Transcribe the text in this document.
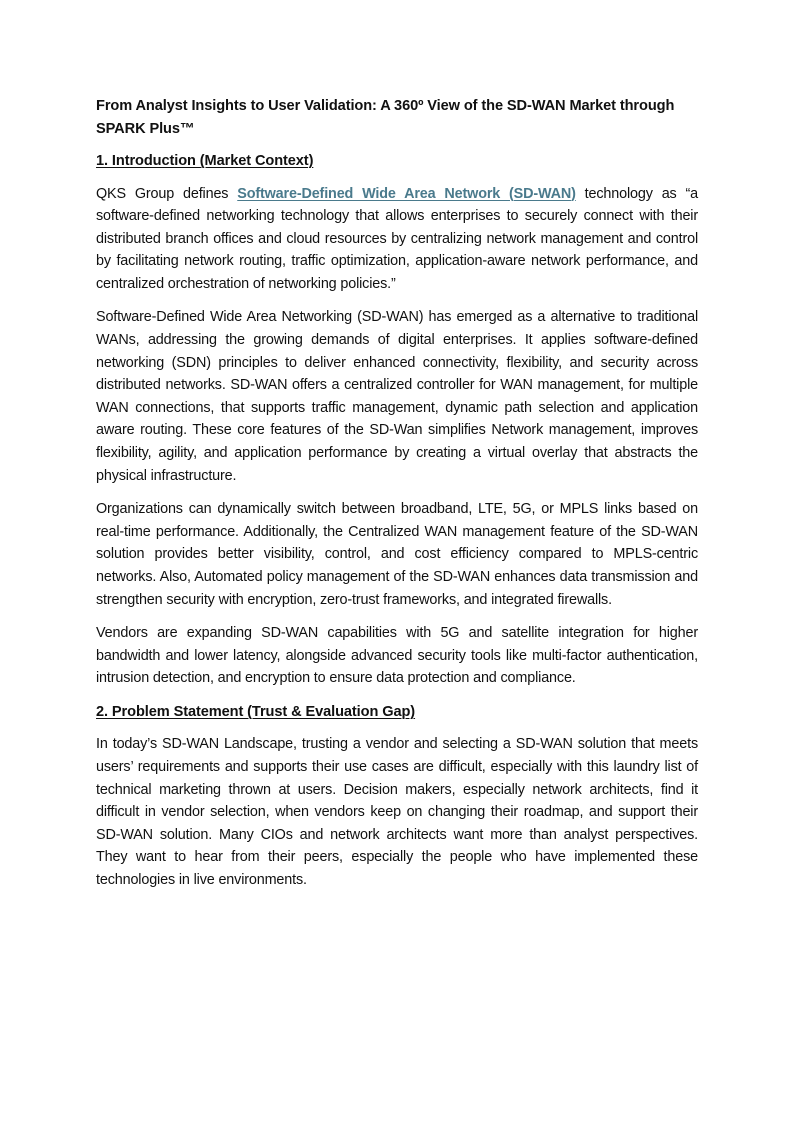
From Analyst Insights to User Validation: A 360º View of the SD-WAN Market through SPARK Plus™

1. Introduction (Market Context)

QKS Group defines Software-Defined Wide Area Network (SD-WAN) technology as “a software-defined networking technology that allows enterprises to securely connect with their distributed branch offices and cloud resources by centralizing network management and control by facilitating network routing, traffic optimization, application-aware network performance, and centralized orchestration of networking policies.”

Software-Defined Wide Area Networking (SD-WAN) has emerged as a alternative to traditional WANs, addressing the growing demands of digital enterprises. It applies software-defined networking (SDN) principles to deliver enhanced connectivity, flexibility, and security across distributed networks. SD-WAN offers a centralized controller for WAN management, for multiple WAN connections, that supports traffic management, dynamic path selection and application aware routing. These core features of the SD-Wan simplifies Network management, improves flexibility, agility, and application performance by creating a virtual overlay that abstracts the physical infrastructure.

Organizations can dynamically switch between broadband, LTE, 5G, or MPLS links based on real-time performance. Additionally, the Centralized WAN management feature of the SD-WAN solution provides better visibility, control, and cost efficiency compared to MPLS-centric networks. Also, Automated policy management of the SD-WAN enhances data transmission and strengthen security with encryption, zero-trust frameworks, and integrated firewalls.

Vendors are expanding SD-WAN capabilities with 5G and satellite integration for higher bandwidth and lower latency, alongside advanced security tools like multi-factor authentication, intrusion detection, and encryption to ensure data protection and compliance.

2. Problem Statement (Trust & Evaluation Gap)

In today’s SD-WAN Landscape, trusting a vendor and selecting a SD-WAN solution that meets users’ requirements and supports their use cases are difficult, especially with this laundry list of technical marketing thrown at users. Decision makers, especially network architects, find it difficult in vendor selection, when vendors keep on changing their roadmap, and support their SD-WAN solution. Many CIOs and network architects want more than analyst perspectives. They want to hear from their peers, especially the people who have implemented these technologies in live environments.
